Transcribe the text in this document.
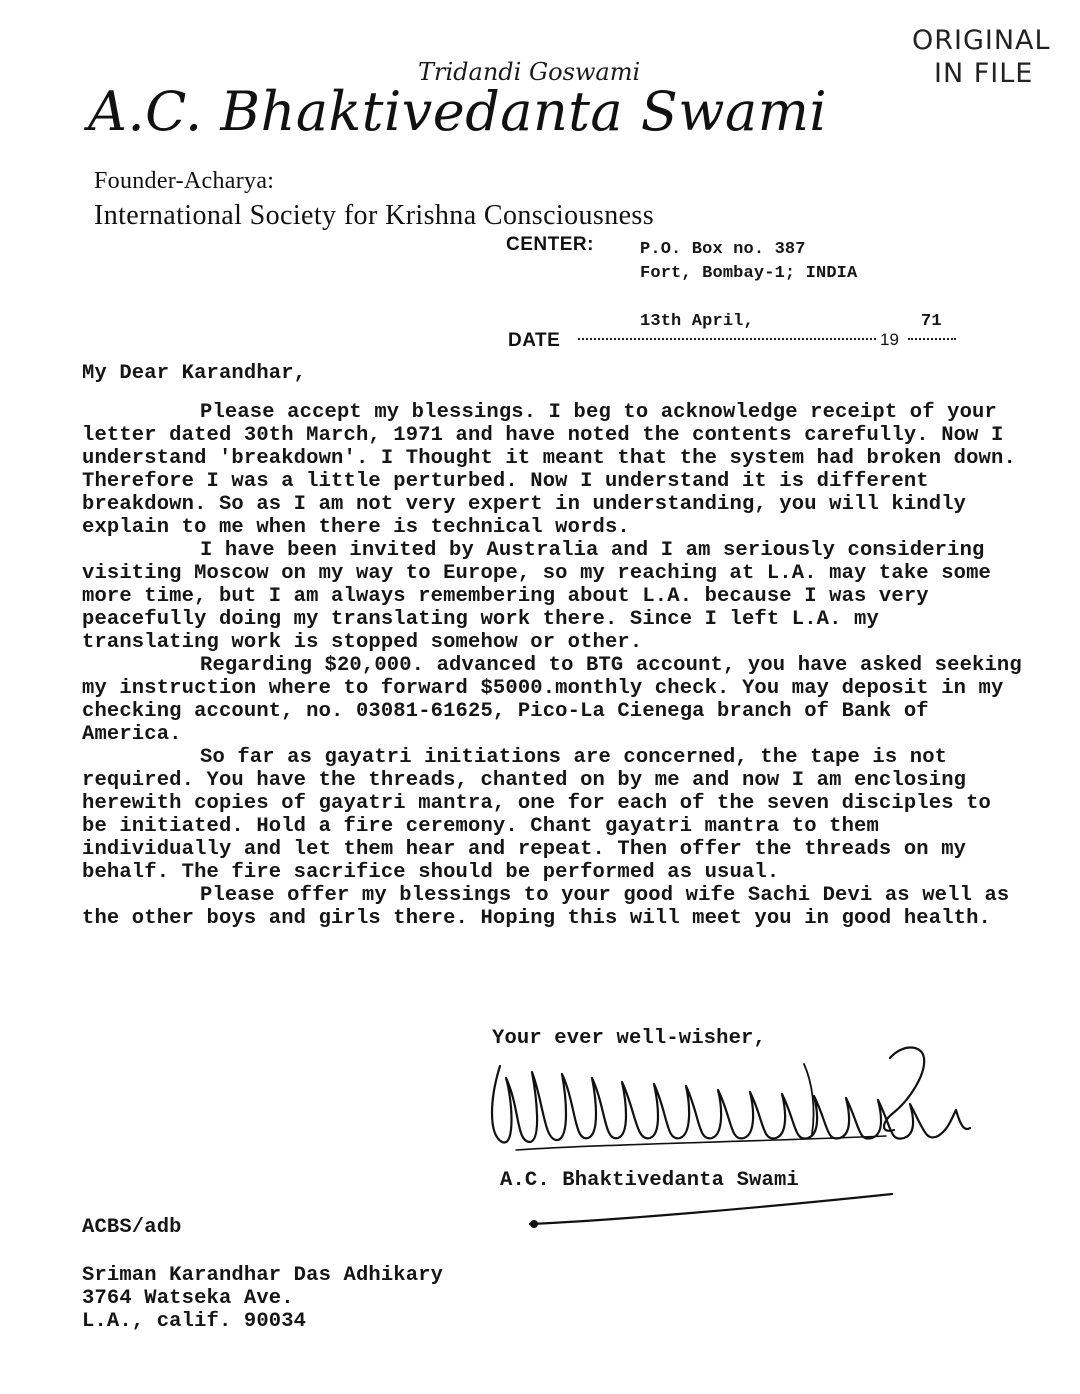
ORIGINAL
IN FILE
Tridandi Goswami
A.C. Bhaktivedanta Swami
Founder-Acharya:
International Society for Krishna Consciousness
CENTER:	P.O. Box no. 387
Fort, Bombay-1; INDIA
13th April,	71
DATE	19
My Dear Karandhar,

Please accept my blessings. I beg to acknowledge receipt of your letter dated 30th March, 1971 and have noted the contents carefully. Now I understand 'breakdown'. I Thought it meant that the system had broken down. Therefore I was a little perturbed. Now I understand it is different breakdown. So as I am not very expert in understanding, you will kindly explain to me when there is technical words.

I have been invited by Australia and I am seriously considering visiting Moscow on my way to Europe, so my reaching at L.A. may take some more time, but I am always remembering about L.A. because I was very peacefully doing my translating work there. Since I left L.A. my translating work is stopped somehow or other.

Regarding $20,000. advanced to BTG account, you have asked seeking my instruction where to forward $5000.monthly check. You may deposit in my checking account, no. 03081-61625, Pico-La Cienega branch of Bank of America.

So far as gayatri initiations are concerned, the tape is not required. You have the threads, chanted on by me and now I am enclosing herewith copies of gayatri mantra, one for each of the seven disciples to be initiated. Hold a fire ceremony. Chant gayatri mantra to them individually and let them hear and repeat. Then offer the threads on my behalf. The fire sacrifice should be performed as usual.

Please offer my blessings to your good wife Sachi Devi as well as the other boys and girls there. Hoping this will meet you in good health.

Your ever well-wisher,
A.C. Bhaktivedanta Swami
ACBS/adb
Sriman Karandhar Das Adhikary
3764 Watseka Ave.
L.A., calif. 90034
